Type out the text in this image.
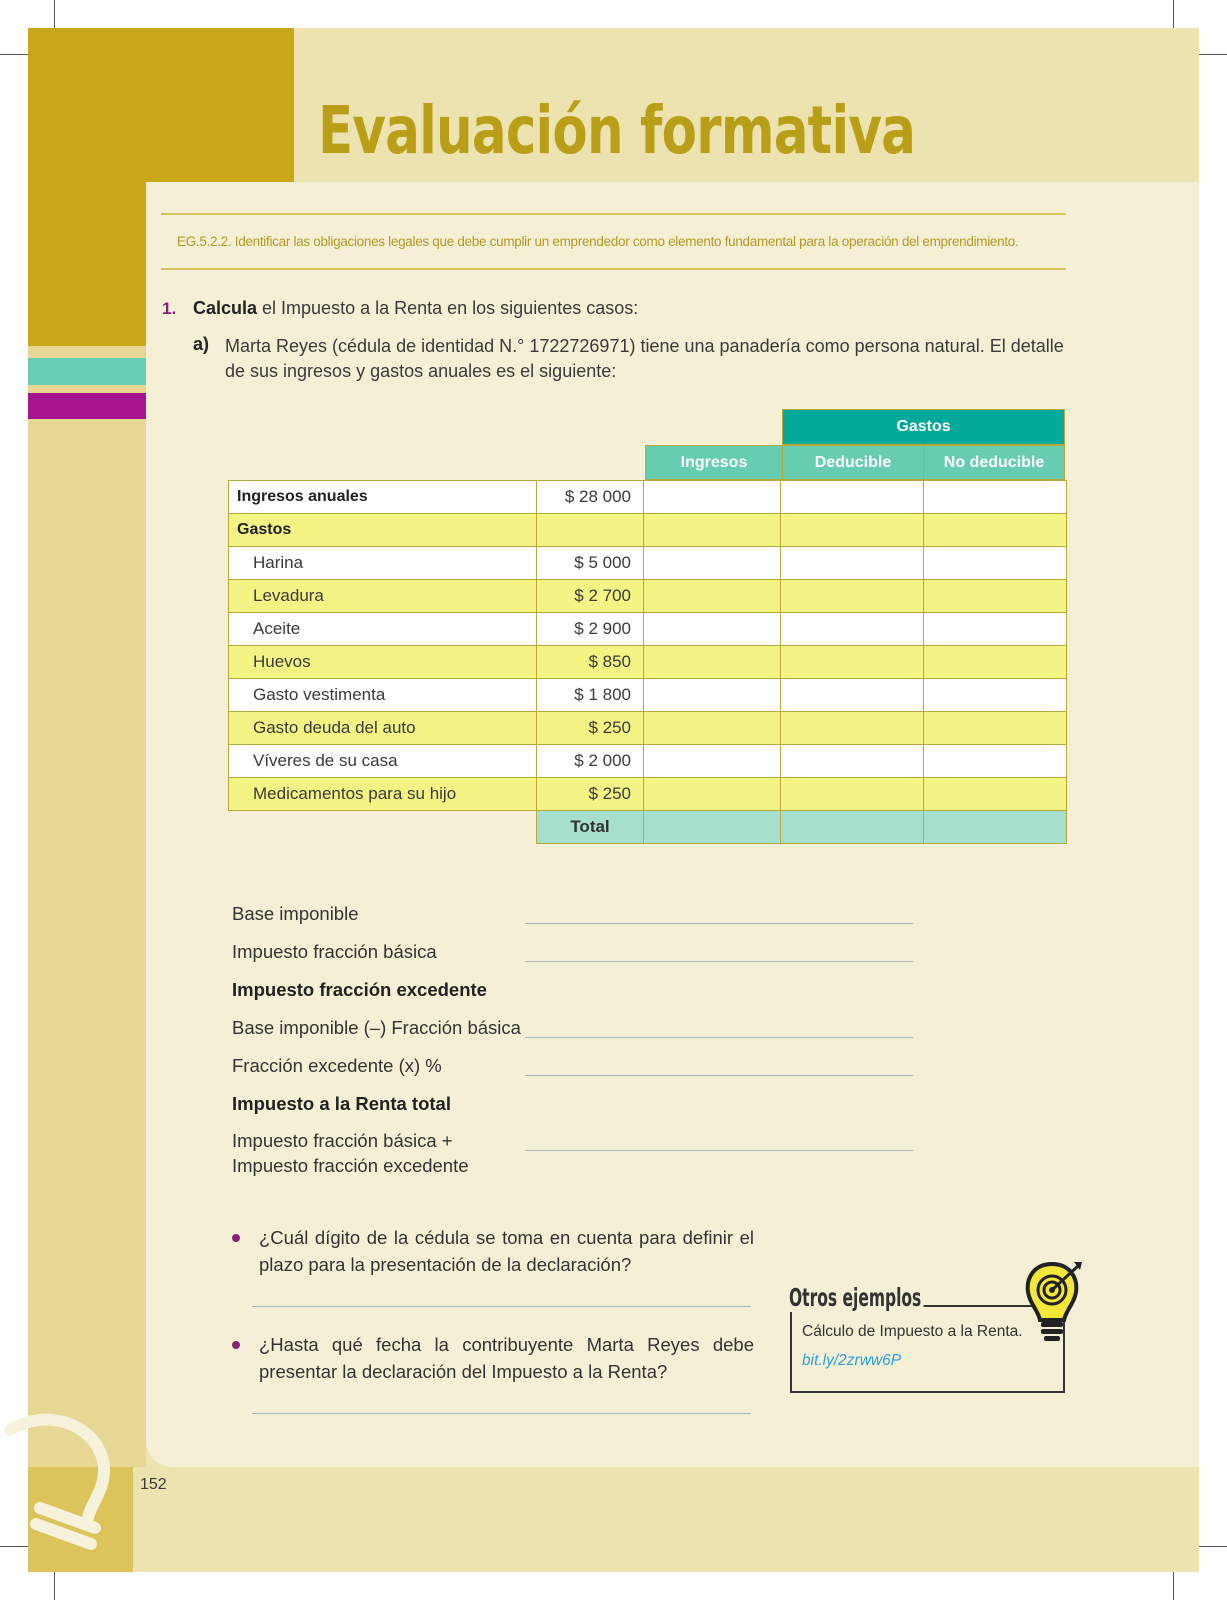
152
Evaluación formativa
EG.5.2.2. Identificar las obligaciones legales que debe cumplir un emprendedor como elemento fundamental para la operación del emprendimiento.
1. Calcula el Impuesto a la Renta en los siguientes casos:
a) Marta Reyes (cédula de identidad N.° 1722726971) tiene una panadería como persona natural. El detalle de sus ingresos y gastos anuales es el siguiente:
Gastos
Ingresos	Deducible	No deducible
Ingresos anuales	$ 28 000			
Gastos				
Harina	$ 5 000			
Levadura	$ 2 700			
Aceite	$ 2 900			
Huevos	$ 850			
Gasto vestimenta	$ 1 800			
Gasto deuda del auto	$ 250			
Víveres de su casa	$ 2 000			
Medicamentos para su hijo	$ 250			
	Total			
Base imponible
Impuesto fracción básica
Impuesto fracción excedente
Base imponible (–) Fracción básica
Fracción excedente (x) %
Impuesto a la Renta total
Impuesto fracción básica +
Impuesto fracción excedente
¿Cuál dígito de la cédula se toma en cuenta para definir el plazo para la presentación de la declaración?
¿Hasta qué fecha la contribuyente Marta Reyes debe presentar la declaración del Impuesto a la Renta?
Otros ejemplos
Cálculo de Impuesto a la Renta.
bit.ly/2zrww6P
